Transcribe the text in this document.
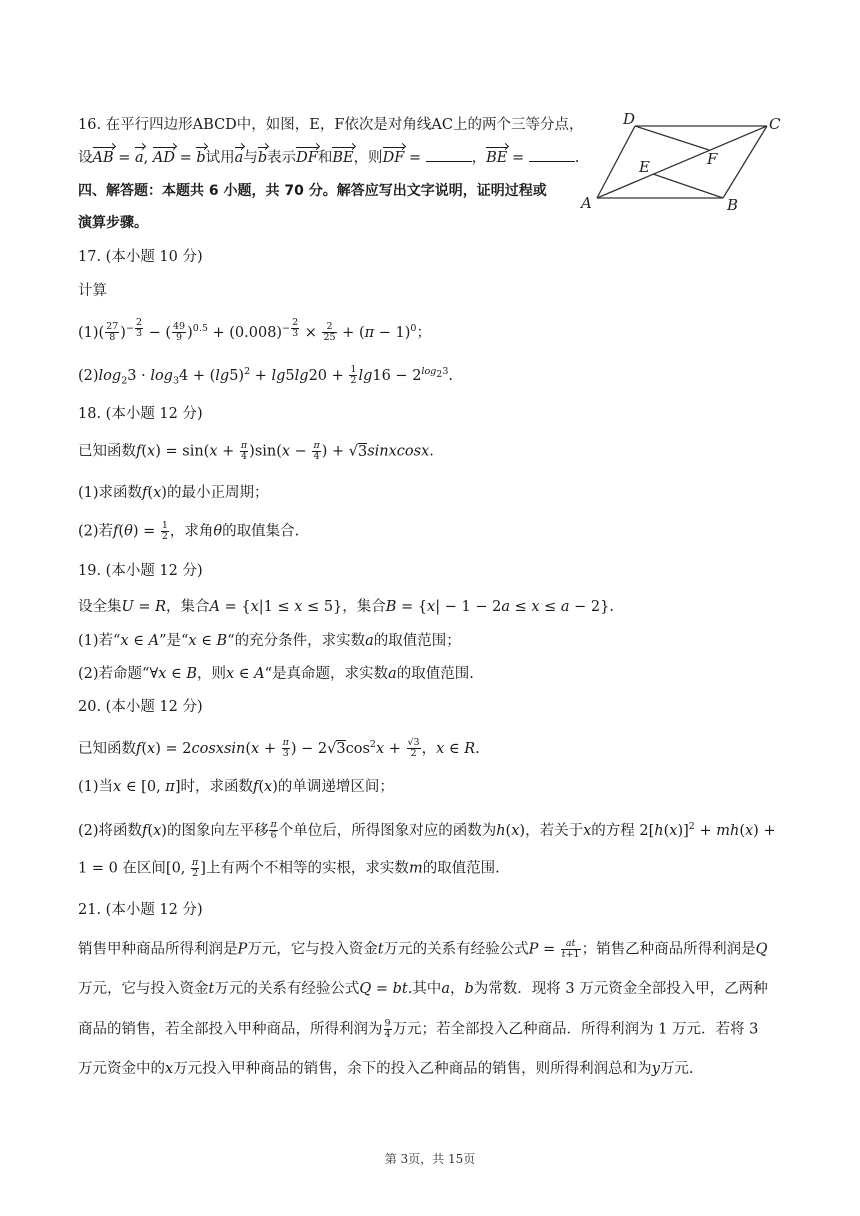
D	C
E	F
A	B
16. 在平行四边形ABCD中，如图，E，F依次是对角线AC上的两个三等分点，
设AB = a, AD = b试用a与b表示DF和BE，则DF =	，BE =	.
四、解答题：本题共 6 小题，共 70 分。解答应写出文字说明，证明过程或
演算步骤。
17. (本小题 10 分)
计算
$(1)( \frac{27}{8} )^{- \frac{2}{3}}$ − ( $\frac{49}{9} )^{0.5} + (0.008)^{- \frac{2}{3}} \times \frac{2}{25} + (\pi - 1)^0$；
$(2)\log_23 \cdot \log_34 + (\lg 5)^2 + \lg 5\lg 20 + \frac{1}{2} \lg 16 - 2^{log_23}$.
18. (本小题 12 分)
已知函数$f(x) = \sin(x + \frac{\pi}{4} )\sin(x - \frac{\pi}{4}$ ) + √3sinxcosx.
(1)求函数f(x)的最小正周期；
(2)若$f(\theta) = \frac{1}{2}$ ，求角θ的取值集合.
19. (本小题 12 分)
设全集U = R，集合A = {x|1 ≤ x ≤ 5}，集合B = {x| − 1 − 2a ≤ x ≤ a − 2}.
(1)若“x ∈ A”是“x ∈ B“的充分条件，求实数a的取值范围；
(2)若命题“∀x ∈ B，则x ∈ A“是真命题，求实数a的取值范围.
20. (本小题 12 分)
已知函数f(x) = 2cosxsin(x + $\frac{\pi}{3}$ ) − $2√3\cos^2x + \frac{√3}{2}$ ，x ∈ R.
(1)当x ∈ [0, π]时，求函数f(x)的单调递增区间；
(2)将函数f(x)的图象向左平移 $\frac{\pi}{6}$ 个单位后，所得图象对应的函数为h(x)，若关于x的方程 $2[h(x)]^2 + mh(x)$ +
1 = 0 在区间[0, $\frac{\pi}{2}$ ]上有两个不相等的实根，求实数m的取值范围.
21. (本小题 12 分)
销售甲种商品所得利润是P万元，它与投入资金t万元的关系有经验公式$P = \frac{at}{t+1}$ ；销售乙种商品所得利润是Q
万元，它与投入资金t万元的关系有经验公式Q = bt.其中a，b为常数．现将 3 万元资金全部投入甲，乙两种
商品的销售，若全部投入甲种商品，所得利润为 $\frac{9}{4}$ 万元；若全部投入乙种商品．所得利润为 1 万元．若将 3
万元资金中的x万元投入甲种商品的销售，余下的投入乙种商品的销售，则所得利润总和为y万元.
第 3页，共 15页
